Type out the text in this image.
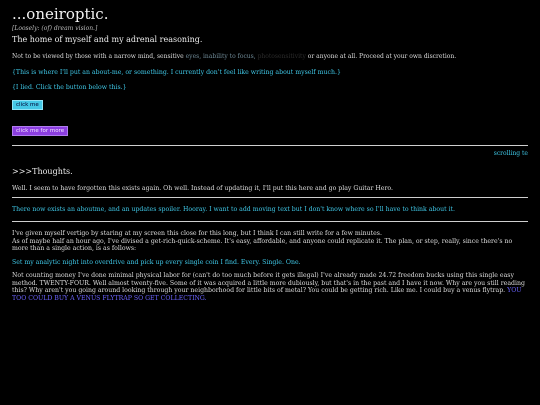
...oneiroptic.
[Loosely: (of) dream vision.]
The home of myself and my adrenal reasoning.
Not to be viewed by those with a narrow mind, sensitive eyes, inability to focus, photosensitivity or anyone at all. Proceed at your own discretion.
{This is where I'll put an about-me, or something. I currently don't feel like writing about myself much.}
{I lied. Click the button below this.}
click me
click me for more
scrolling te
>>>Thoughts.
Well. I seem to have forgotten this exists again. Oh well. Instead of updating it, I'll put this here and go play Guitar Hero.
There now exists an aboutme, and an updates spoiler. Hooray. I want to add moving text but I don't know where so I'll have to think about it.
I've given myself vertigo by staring at my screen this close for this long, but I think I can still write for a few minutes.
As of maybe half an hour ago, I've divised a get-rich-quick-scheme. It's easy, affordable, and anyone could replicate it. The plan, or step, really, since there's no more than a single action, is as follows:
Set my analytic night into overdrive and pick up every single coin I find. Every. Single. One.
Not counting money I've done minimal physical labor for (can't do too much before it gets illegal) I've already made 24.72 freedom bucks using this single easy method. TWENTY-FOUR. Well almost twenty-five. Some of it was acquired a little more dubiously, but that's in the past and I have it now. Why are you still reading this? Why aren't you going around looking through your neighborhood for little bits of metal? You could be getting rich. Like me. I could buy a venus flytrap. YOU TOO COULD BUY A VENUS FLYTRAP SO GET COLLECTING.
